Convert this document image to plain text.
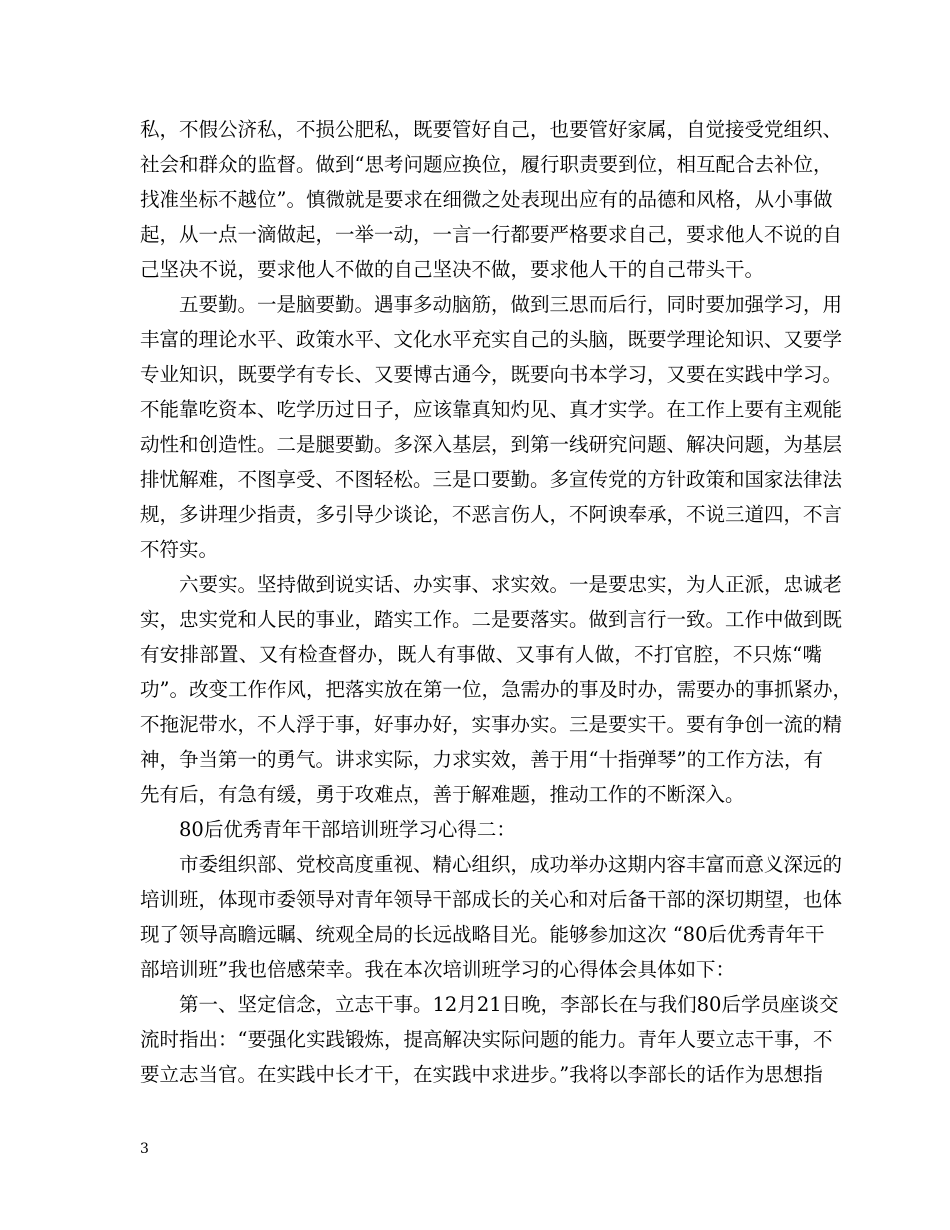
私，不假公济私，不损公肥私，既要管好自己，也要管好家属，自觉接受党组织、
社会和群众的监督。做到“思考问题应换位，履行职责要到位，相互配合去补位，
找准坐标不越位”。慎微就是要求在细微之处表现出应有的品德和风格，从小事做
起，从一点一滴做起，一举一动，一言一行都要严格要求自己，要求他人不说的自
己坚决不说，要求他人不做的自己坚决不做，要求他人干的自己带头干。
五要勤。一是脑要勤。遇事多动脑筋，做到三思而后行，同时要加强学习，用
丰富的理论水平、政策水平、文化水平充实自己的头脑，既要学理论知识、又要学
专业知识，既要学有专长、又要博古通今，既要向书本学习，又要在实践中学习。
不能靠吃资本、吃学历过日子，应该靠真知灼见、真才实学。在工作上要有主观能
动性和创造性。二是腿要勤。多深入基层，到第一线研究问题、解决问题，为基层
排忧解难，不图享受、不图轻松。三是口要勤。多宣传党的方针政策和国家法律法
规，多讲理少指责，多引导少谈论，不恶言伤人，不阿谀奉承，不说三道四，不言
不符实。
六要实。坚持做到说实话、办实事、求实效。一是要忠实，为人正派，忠诚老
实，忠实党和人民的事业，踏实工作。二是要落实。做到言行一致。工作中做到既
有安排部置、又有检查督办，既人有事做、又事有人做，不打官腔，不只炼“嘴
功”。改变工作作风，把落实放在第一位，急需办的事及时办，需要办的事抓紧办，
不拖泥带水，不人浮于事，好事办好，实事办实。三是要实干。要有争创一流的精
神，争当第一的勇气。讲求实际，力求实效，善于用“十指弹琴”的工作方法，有
先有后，有急有缓，勇于攻难点，善于解难题，推动工作的不断深入。
80后优秀青年干部培训班学习心得二：
市委组织部、党校高度重视、精心组织，成功举办这期内容丰富而意义深远的
培训班，体现市委领导对青年领导干部成长的关心和对后备干部的深切期望，也体
现了领导高瞻远瞩、统观全局的长远战略目光。能够参加这次 “80后优秀青年干
部培训班”我也倍感荣幸。我在本次培训班学习的心得体会具体如下：
第一、坚定信念，立志干事。12月21日晚，李部长在与我们80后学员座谈交
流时指出：“要强化实践锻炼，提高解决实际问题的能力。青年人要立志干事，不
要立志当官。在实践中长才干，在实践中求进步。”我将以李部长的话作为思想指
3
